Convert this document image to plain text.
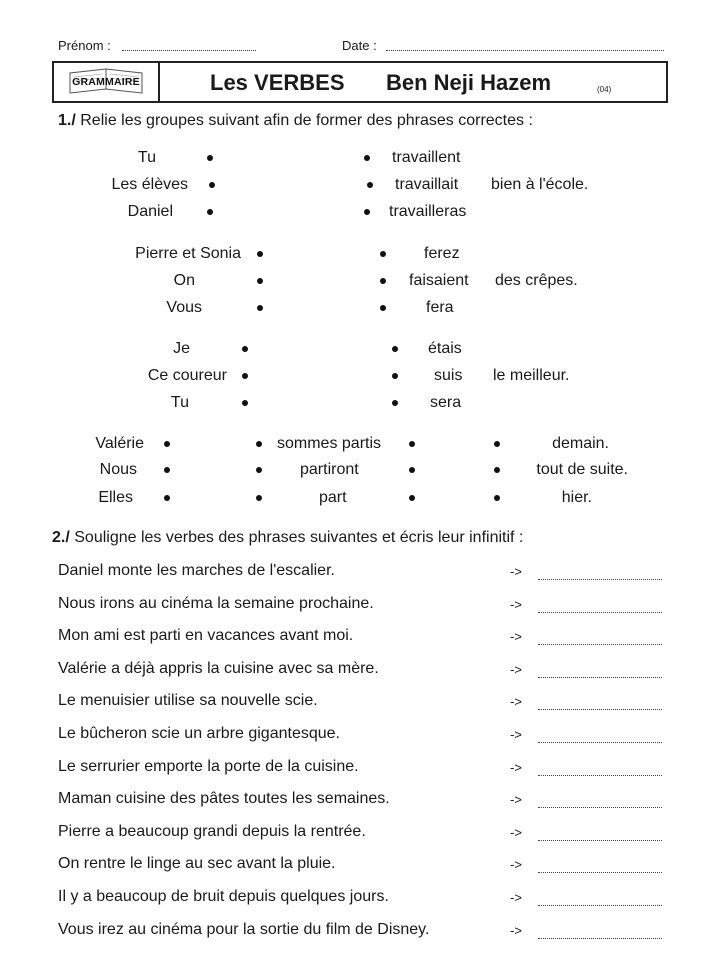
Prénom :	Date :
GRAMMAIRE	Les VERBES Ben Neji Hazem	(04)
1./ Relie les groupes suivant afin de former des phrases correctes :
Tu
Les élèves
Daniel
travaillent
travaillait
travailleras
bien à l'école.
Pierre et Sonia
On
Vous
ferez
faisaient
fera
des crêpes.
Je
Ce coureur
Tu
étais
suis
sera
le meilleur.
Valérie
Nous
Elles
sommes partis
partiront
part
demain.
tout de suite.
hier.
2./ Souligne les verbes des phrases suivantes et écris leur infinitif :
Daniel monte les marches de l'escalier.	->
Nous irons au cinéma la semaine prochaine.	->
Mon ami est parti en vacances avant moi.	->
Valérie a déjà appris la cuisine avec sa mère.	->
Le menuisier utilise sa nouvelle scie.	->
Le bûcheron scie un arbre gigantesque.	->
Le serrurier emporte la porte de la cuisine.	->
Maman cuisine des pâtes toutes les semaines.	->
Pierre a beaucoup grandi depuis la rentrée.	->
On rentre le linge au sec avant la pluie.	->
Il y a beaucoup de bruit depuis quelques jours.	->
Vous irez au cinéma pour la sortie du film de Disney.	->
